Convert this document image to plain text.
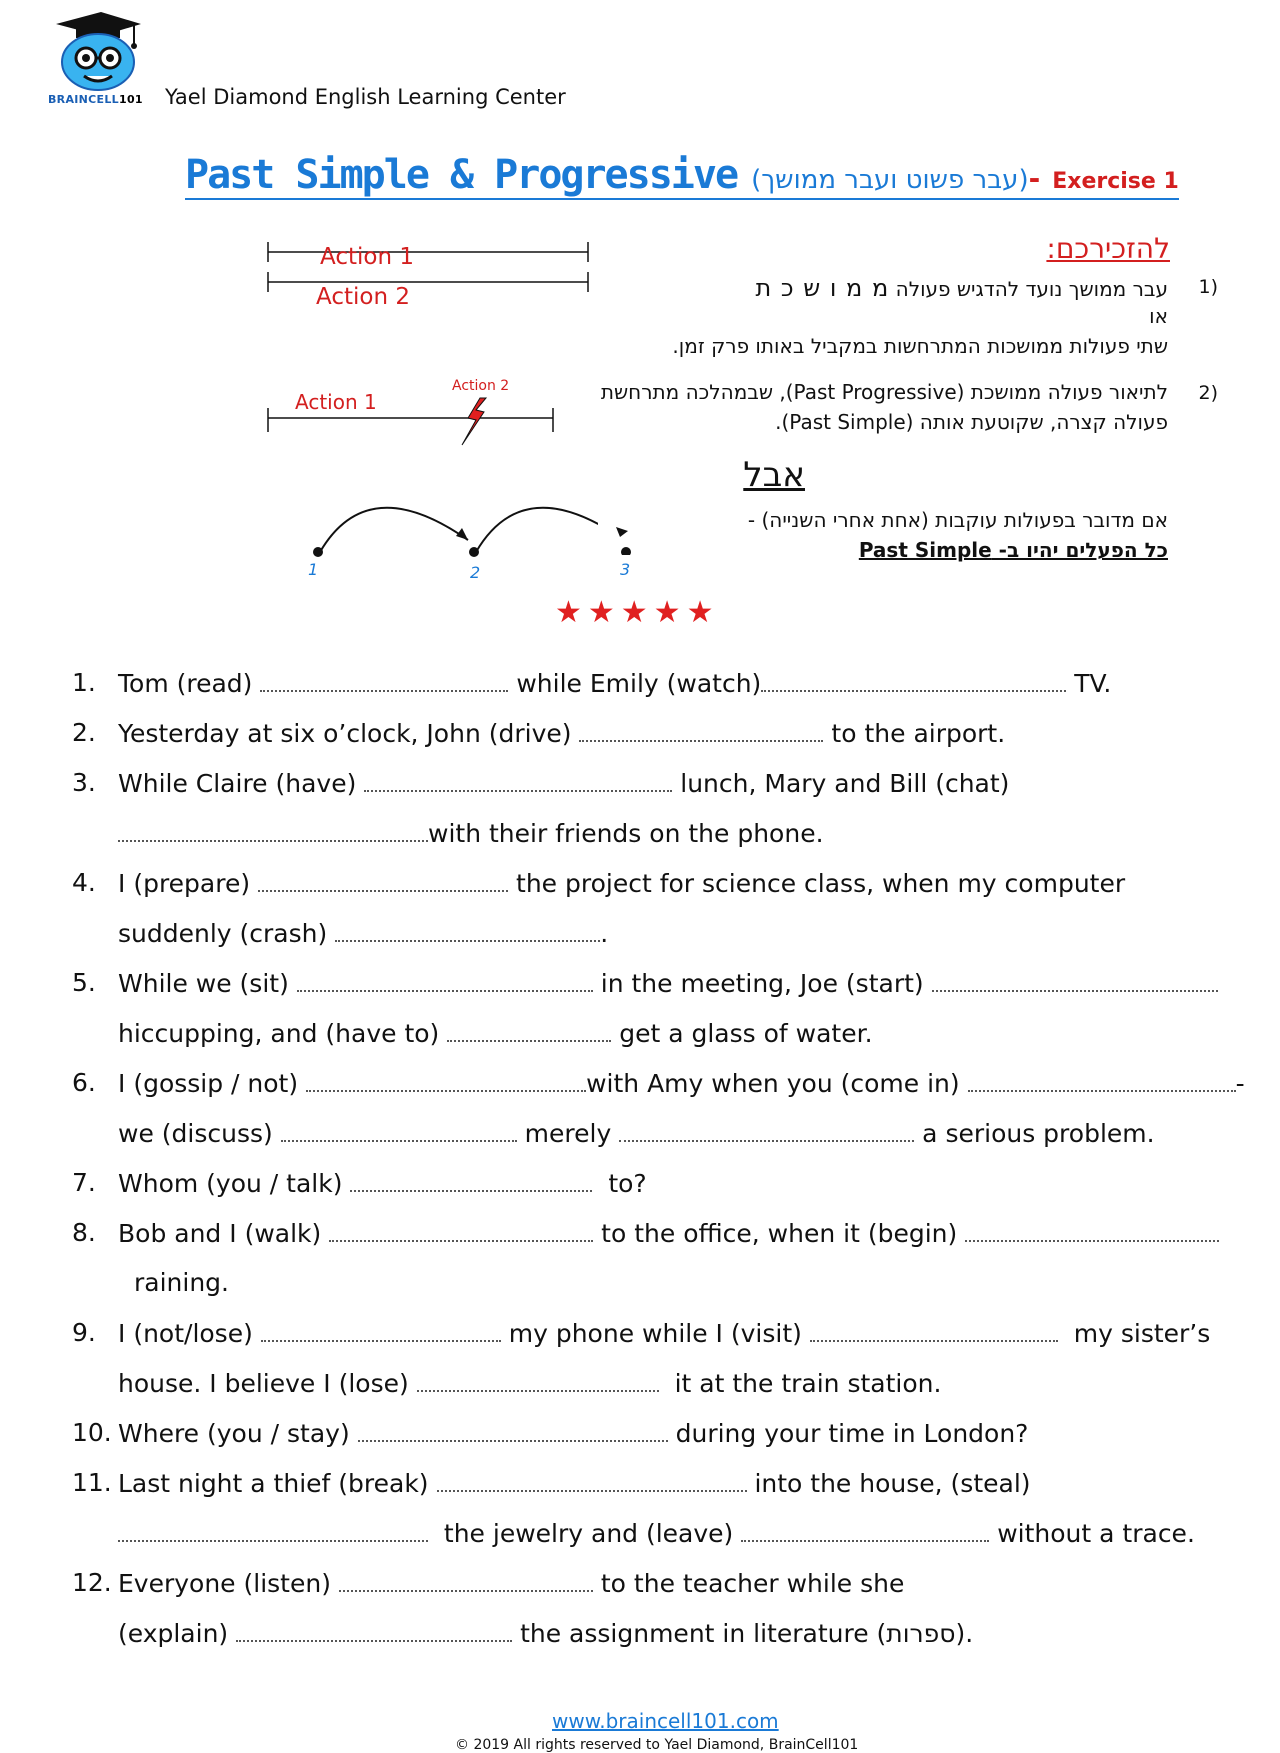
BRAINCELL101 Yael Diamond English Learning Center
Past Simple & Progressive (עבר פשוט ועבר ממושך)- Exercise 1
Action 1
Action 2
Action 1
Action 2
1	2	3
להזכירכם:
(1
עבר ממושך נועד להדגיש פעולה מ מ ו ש כ ת
או
שתי פעולות ממושכות המתרחשות במקביל באותו פרק זמן.
(2
לתיאור פעולה ממושכת (Past Progressive), שבמהלכה מתרחשת
פעולה קצרה, שקוטעת אותה (Past Simple).
אבל
אם מדובר בפעולות עוקבות (אחת אחרי השנייה) -
כל הפעלים יהיו ב- Past Simple
★★★★★
1. Tom (read)	while Emily (watch)	TV.
2. Yesterday at six o’clock, John (drive)	to the airport.
3. While Claire (have)	lunch, Mary and Bill (chat)
with their friends on the phone.
4. I (prepare)	the project for science class, when my computer
suddenly (crash)	.
5. While we (sit)	in the meeting, Joe (start)
hiccupping, and (have to)	get a glass of water.
6. I (gossip / not)	with Amy when you (come in)	-
we (discuss)	merely	a serious problem.
7. Whom (you / talk)	to?
8. Bob and I (walk)	to the office, when it (begin)
raining.
9. I (not/lose)	my phone while I (visit)	my sister’s
house. I believe I (lose)	it at the train station.
10. Where (you / stay)	during your time in London?
11. Last night a thief (break)	into the house, (steal)
the jewelry and (leave)	without a trace.
12. Everyone (listen)	to the teacher while she
(explain)	the assignment in literature (ספרות).
www.braincell101.com
© 2019 All rights reserved to Yael Diamond, BrainCell101
